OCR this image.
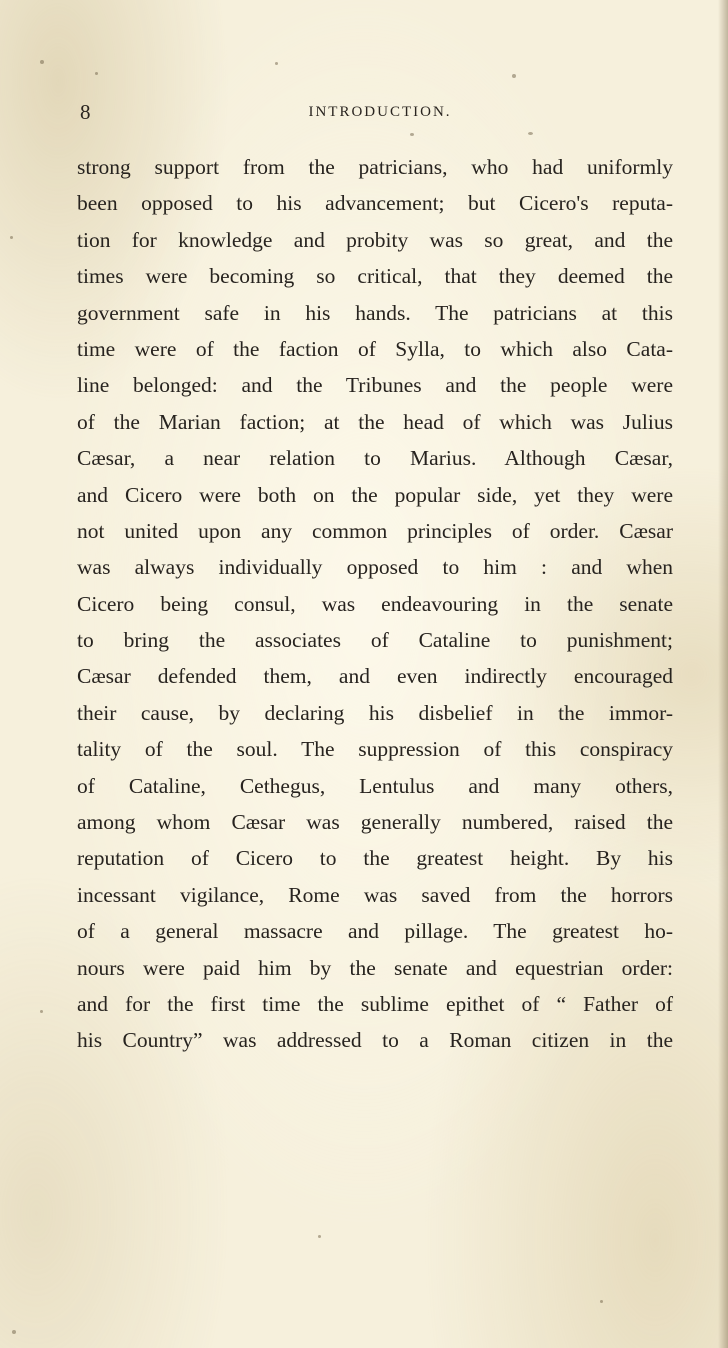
8	INTRODUCTION.
strong support from the patricians, who had uniformly
been opposed to his advancement; but Cicero's reputa-
tion for knowledge and probity was so great, and the
times were becoming so critical, that they deemed the
government safe in his hands. The patricians at this
time were of the faction of Sylla, to which also Cata-
line belonged: and the Tribunes and the people were
of the Marian faction; at the head of which was Julius
Cæsar, a near relation to Marius. Although Cæsar,
and Cicero were both on the popular side, yet they were
not united upon any common principles of order. Cæsar
was always individually opposed to him : and when
Cicero being consul, was endeavouring in the senate
to bring the associates of Cataline to punishment;
Cæsar defended them, and even indirectly encouraged
their cause, by declaring his disbelief in the immor-
tality of the soul. The suppression of this conspiracy
of Cataline, Cethegus, Lentulus and many others,
among whom Cæsar was generally numbered, raised the
reputation of Cicero to the greatest height. By his
incessant vigilance, Rome was saved from the horrors
of a general massacre and pillage. The greatest ho-
nours were paid him by the senate and equestrian order:
and for the first time the sublime epithet of “ Father of
his Country” was addressed to a Roman citizen in the
